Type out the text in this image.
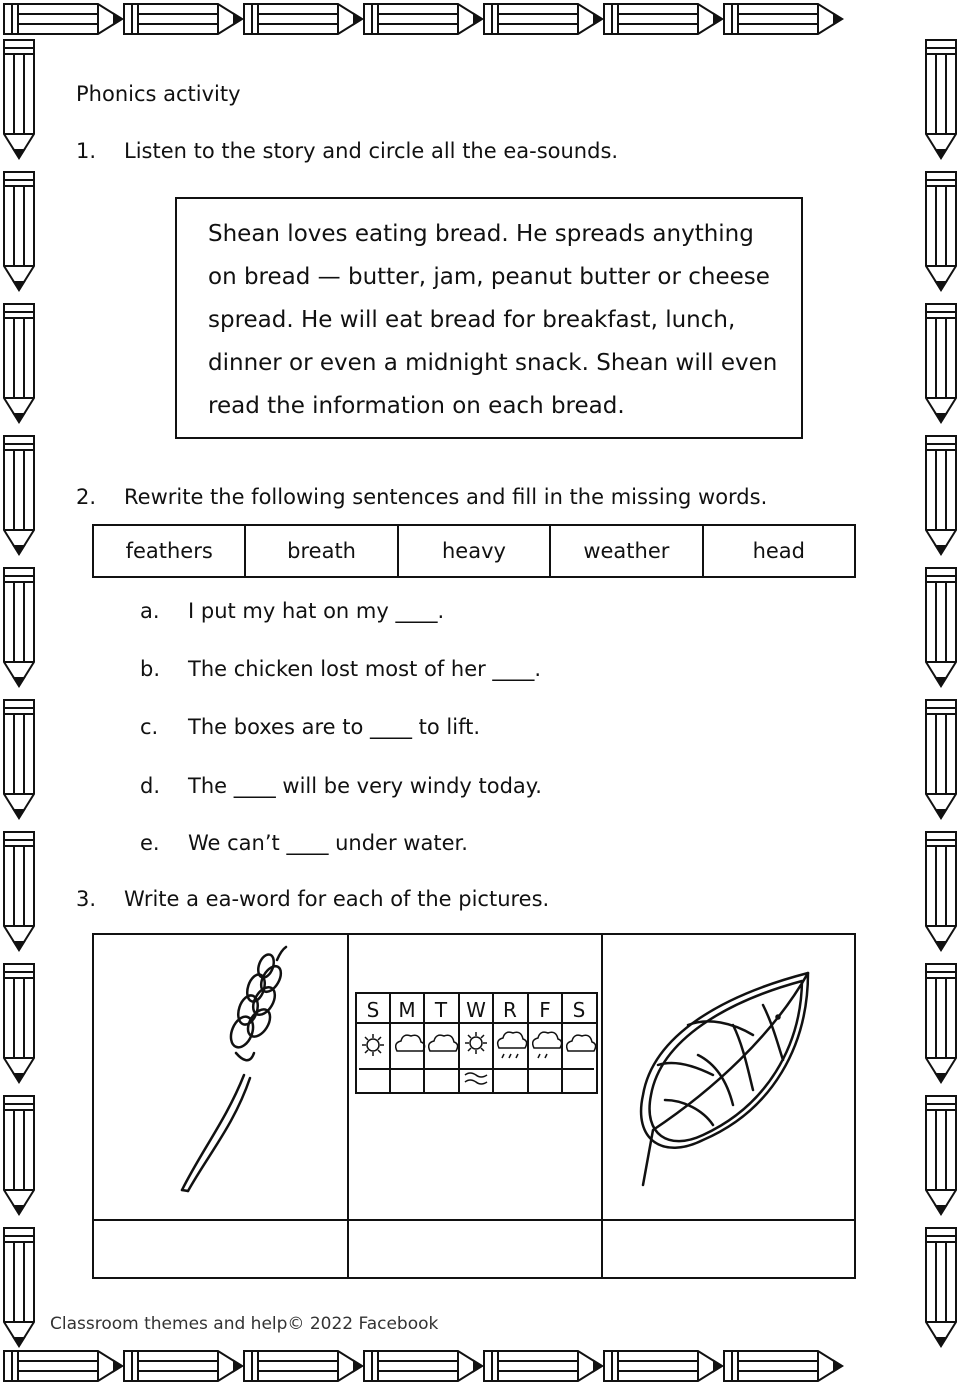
Phonics activity
1. Listen to the story and circle all the ea-sounds.

Shean loves eating bread. He spreads anything

on bread — butter, jam, peanut butter or cheese

spread. He will eat bread for breakfast, lunch,

dinner or even a midnight snack. Shean will even

read the information on each bread.

2. Rewrite the following sentences and fill in the missing words.
feathers	breath	heavy	weather	head
a. I put my hat on my ____.
b. The chicken lost most of her ____.
c. The boxes are to ____ to lift.
d. The ____ will be very windy today.
e. We can’t ____ under water.
3. Write a ea-word for each of the pictures.
S M T W R F S
Classroom themes and help© 2022 Facebook
